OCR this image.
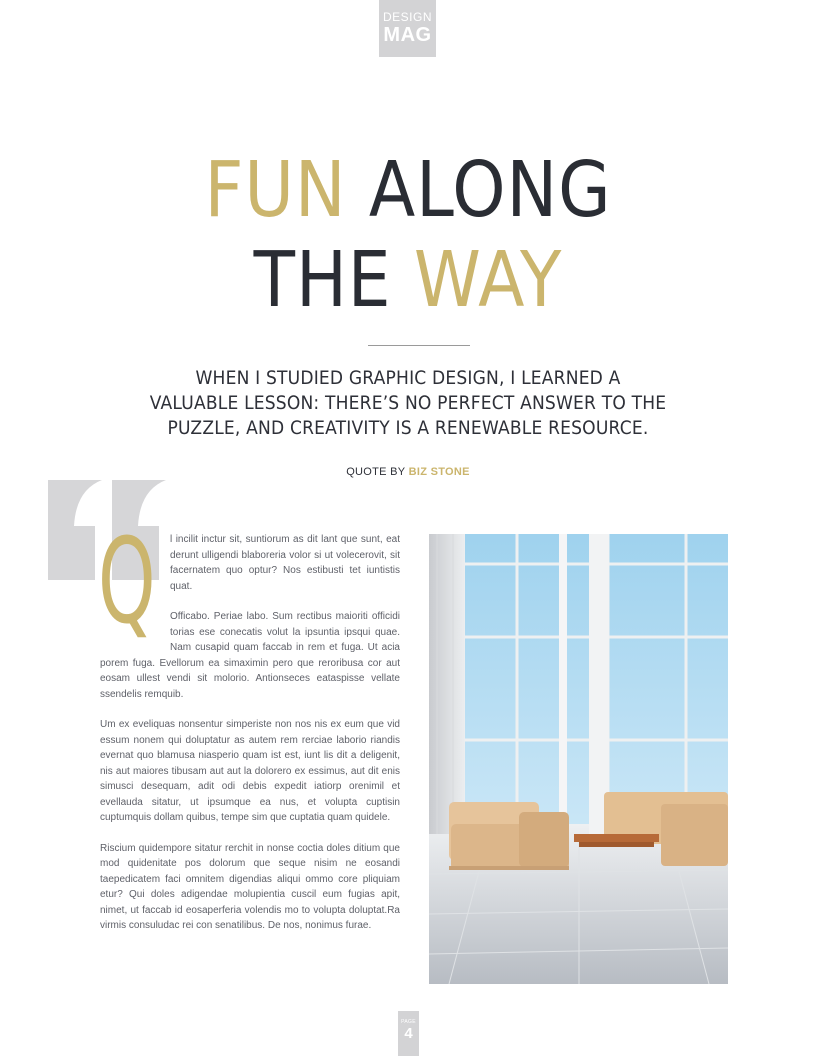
DESIGN
MAG
FUN ALONG
THE WAY

WHEN I STUDIED GRAPHIC DESIGN, I LEARNED A VALUABLE LESSON: THERE’S NO PERFECT ANSWER TO THE PUZZLE, AND CREATIVITY IS A RENEWABLE RESOURCE.

QUOTE BY BIZ STONE

Q	l incilit inctur sit, suntiorum as dit lant que sunt, eat derunt ulligendi blaboreria volor si ut volecerovit, sit facernatem quo optur? Nos estibusti tet iuntistis quat.

Officabo. Periae labo. Sum rectibus maioriti officidi torias ese conecatis volut la ipsuntia ipsqui quae. Nam cusapid quam faccab in rem et fuga. Ut acia porem fuga. Evellorum ea simaximin pero que reroribusa cor aut eosam ullest vendi sit molorio. Antionseces eataspisse vellate ssendelis remquib.

Um ex eveliquas nonsentur simperiste non nos nis ex eum que vid essum nonem qui doluptatur as autem rem rerciae laborio riandis evernat quo blamusa niasperio quam ist est, iunt lis dit a deligenit, nis aut maiores tibusam aut aut la dolorero ex essimus, aut dit enis simusci desequam, adit odi debis expedit iatiorp orenimil et evellauda sitatur, ut ipsumque ea nus, et volupta cuptisin cuptumquis dollam quibus, tempe sim que cuptatia quam quidele.

Riscium quidempore sitatur rerchit in nonse coctia doles ditium que mod quidenitate pos dolorum que seque nisim ne eosandi taepedicatem faci omnitem digendias aliqui ommo core pliquiam etur? Qui doles adigendae molupientia cuscil eum fugias apit, nimet, ut faccab id eosaperferia volendis mo to volupta doluptat.Ra virmis consuludac rei con senatilibus. De nos, nonimus furae.

PAGE
4
